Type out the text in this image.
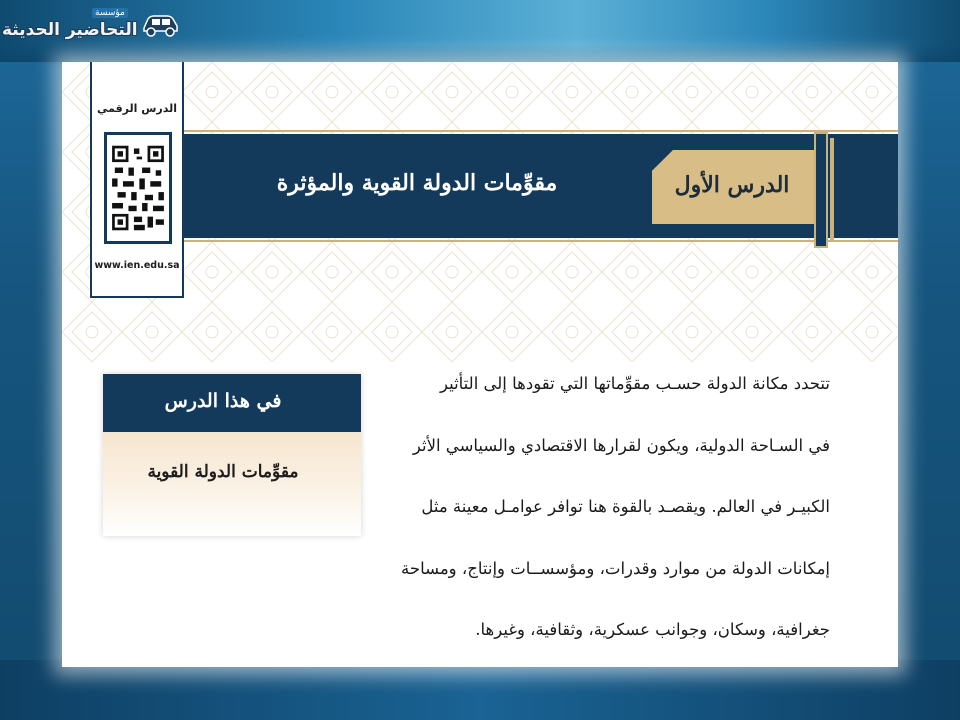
مؤسسة
التحاضير الحديثة
مقوِّمات الدولة القوية والمؤثرة	الدرس الأول
الدرس الرقمي
www.ien.edu.sa
في هذا الدرس
مقوِّمات الدولة القوية
تتحدد مكانة الدولة حسـب مقوِّماتها التي تقودها إلى التأثير
في السـاحة الدولية، ويكون لقرارها الاقتصادي والسياسي الأثر
الكبيـر في العالم. ويقصـد بالقوة هنا توافر عوامـل معينة مثل
إمكانات الدولة من موارد وقدرات، ومؤسســات وإنتاج، ومساحة
جغرافية، وسكان، وجوانب عسكرية، وثقافية، وغيرها.
